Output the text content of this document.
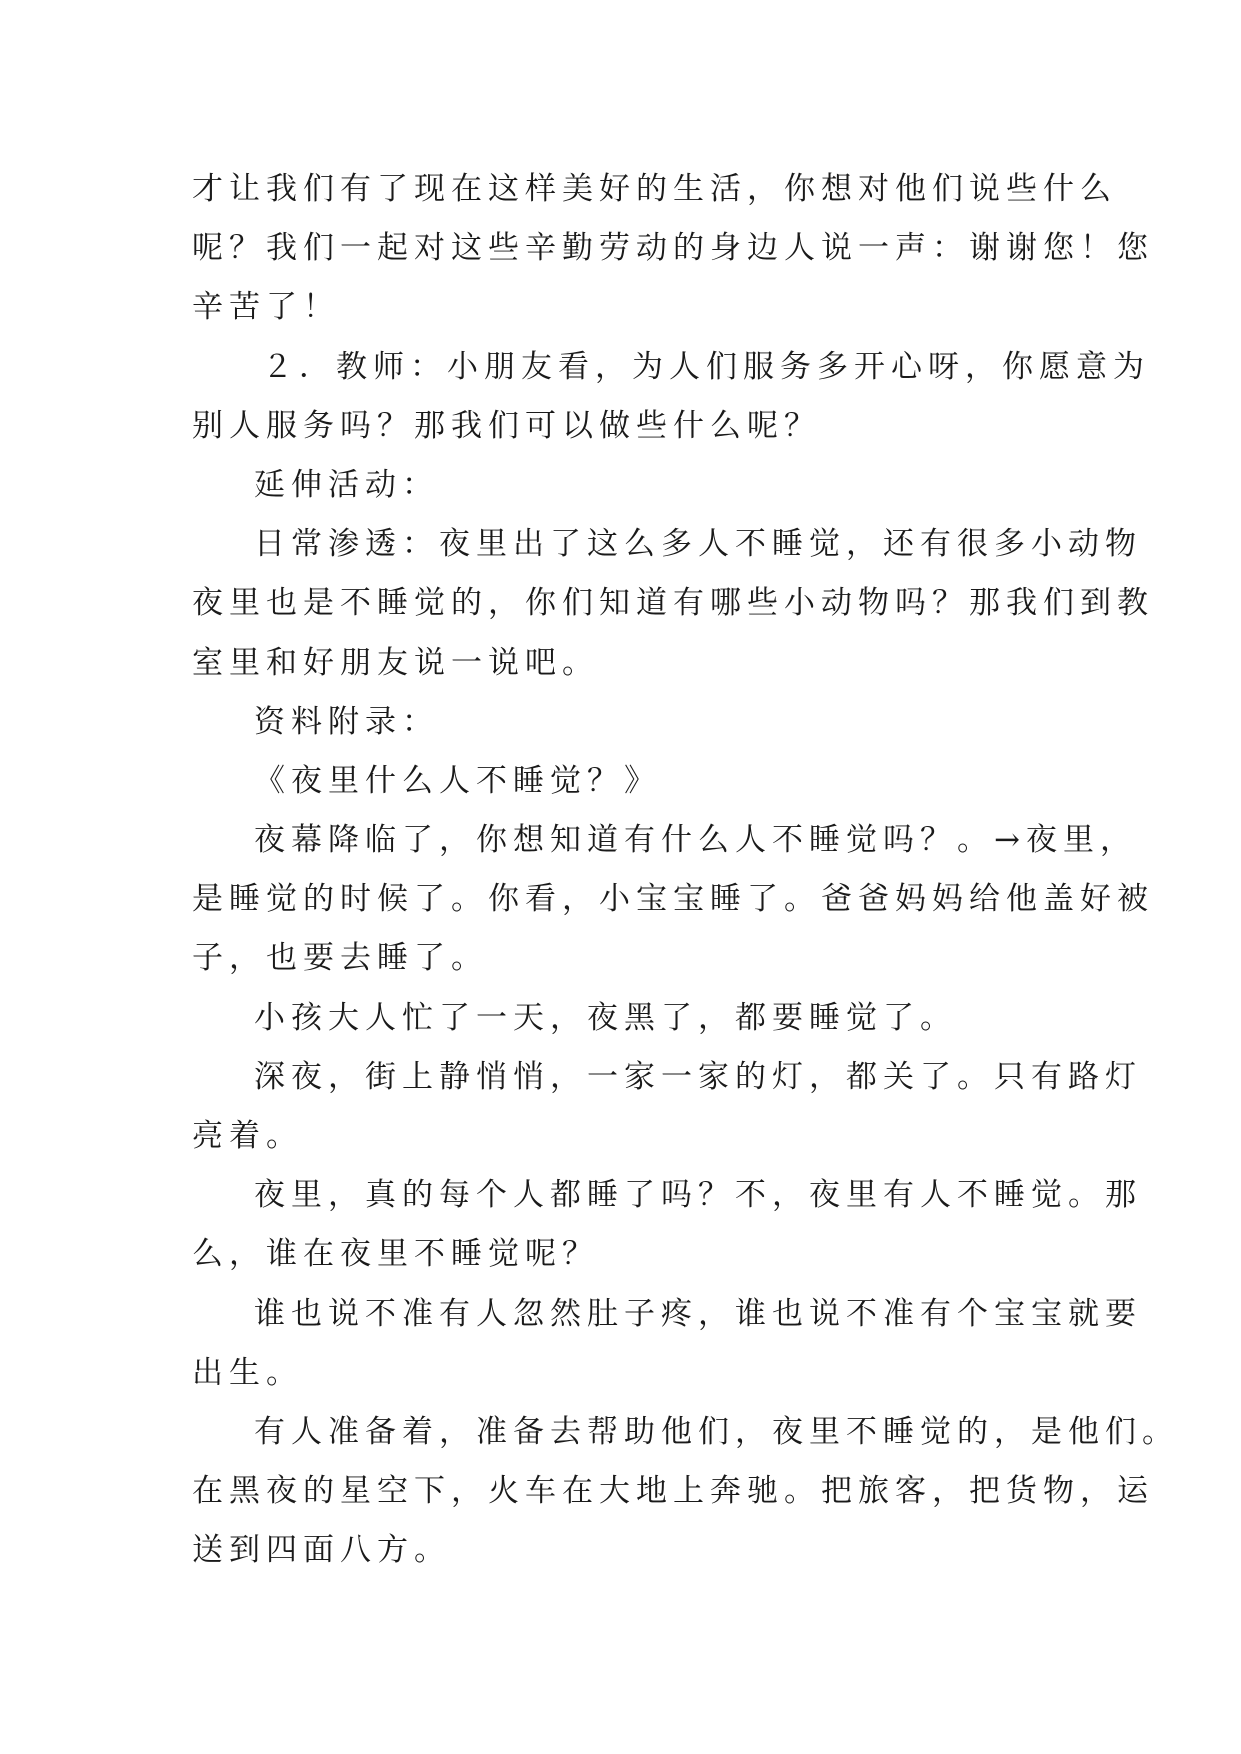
才让我们有了现在这样美好的生活，你想对他们说些什么
呢？我们一起对这些辛勤劳动的身边人说一声：谢谢您！您
辛苦了！
２．教师：小朋友看，为人们服务多开心呀，你愿意为
别人服务吗？那我们可以做些什么呢？
延伸活动：
日常渗透：夜里出了这么多人不睡觉，还有很多小动物
夜里也是不睡觉的，你们知道有哪些小动物吗？那我们到教
室里和好朋友说一说吧。
资料附录：
《夜里什么人不睡觉？》
夜幕降临了，你想知道有什么人不睡觉吗？。→夜里，
是睡觉的时候了。你看，小宝宝睡了。爸爸妈妈给他盖好被
子，也要去睡了。
小孩大人忙了一天，夜黑了，都要睡觉了。
深夜，街上静悄悄，一家一家的灯，都关了。只有路灯
亮着。
夜里，真的每个人都睡了吗？不，夜里有人不睡觉。那
么，谁在夜里不睡觉呢？
谁也说不准有人忽然肚子疼，谁也说不准有个宝宝就要
出生。
有人准备着，准备去帮助他们，夜里不睡觉的，是他们。
在黑夜的星空下，火车在大地上奔驰。把旅客，把货物，运
送到四面八方。
